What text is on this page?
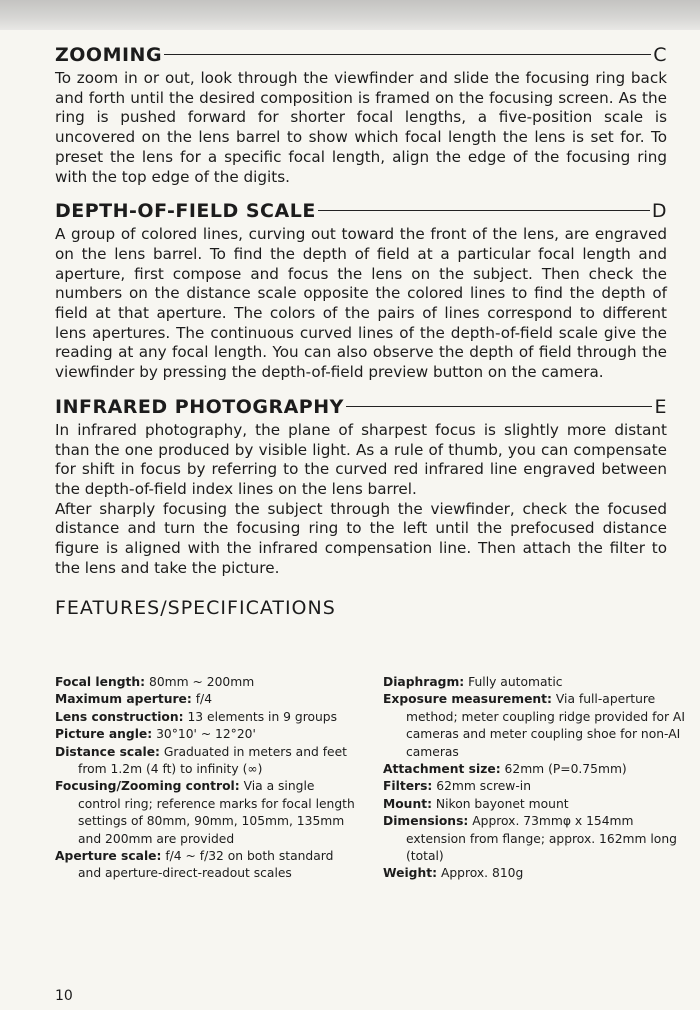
ZOOMING	C

To zoom in or out, look through the viewfinder and slide the focusing ring back and forth until the desired composition is framed on the focusing screen. As the ring is pushed forward for shorter focal lengths, a five-position scale is uncovered on the lens barrel to show which focal length the lens is set for. To preset the lens for a specific focal length, align the edge of the focusing ring with the top edge of the digits.

DEPTH-OF-FIELD SCALE	D

A group of colored lines, curving out toward the front of the lens, are engraved on the lens barrel. To find the depth of field at a particular focal length and aperture, first compose and focus the lens on the subject. Then check the numbers on the distance scale opposite the colored lines to find the depth of field at that aperture. The colors of the pairs of lines correspond to different lens apertures. The continuous curved lines of the depth-of-field scale give the reading at any focal length. You can also observe the depth of field through the viewfinder by pressing the depth-of-field preview button on the camera.

INFRARED PHOTOGRAPHY	E

In infrared photography, the plane of sharpest focus is slightly more distant than the one produced by visible light. As a rule of thumb, you can compensate for shift in focus by referring to the curved red infrared line engraved between the depth-of-field index lines on the lens barrel.

After sharply focusing the subject through the viewfinder, check the focused distance and turn the focusing ring to the left until the prefocused distance figure is aligned with the infrared compensation line. Then attach the filter to the lens and take the picture.

FEATURES/SPECIFICATIONS

Focal length: 80mm ~ 200mm

Maximum aperture: f/4

Lens construction: 13 elements in 9 groups

Picture angle: 30°10' ~ 12°20'

Distance scale: Graduated in meters and feet from 1.2m (4 ft) to infinity (∞)

Focusing/Zooming control: Via a single control ring; reference marks for focal length settings of 80mm, 90mm, 105mm, 135mm and 200mm are provided

Aperture scale: f/4 ~ f/32 on both standard and aperture-direct-readout scales

Diaphragm: Fully automatic

Exposure measurement: Via full-aperture method; meter coupling ridge provided for AI cameras and meter coupling shoe for non-AI cameras

Attachment size: 62mm (P=0.75mm)

Filters: 62mm screw-in

Mount: Nikon bayonet mount

Dimensions: Approx. 73mmφ x 154mm extension from flange; approx. 162mm long (total)

Weight: Approx. 810g

10
